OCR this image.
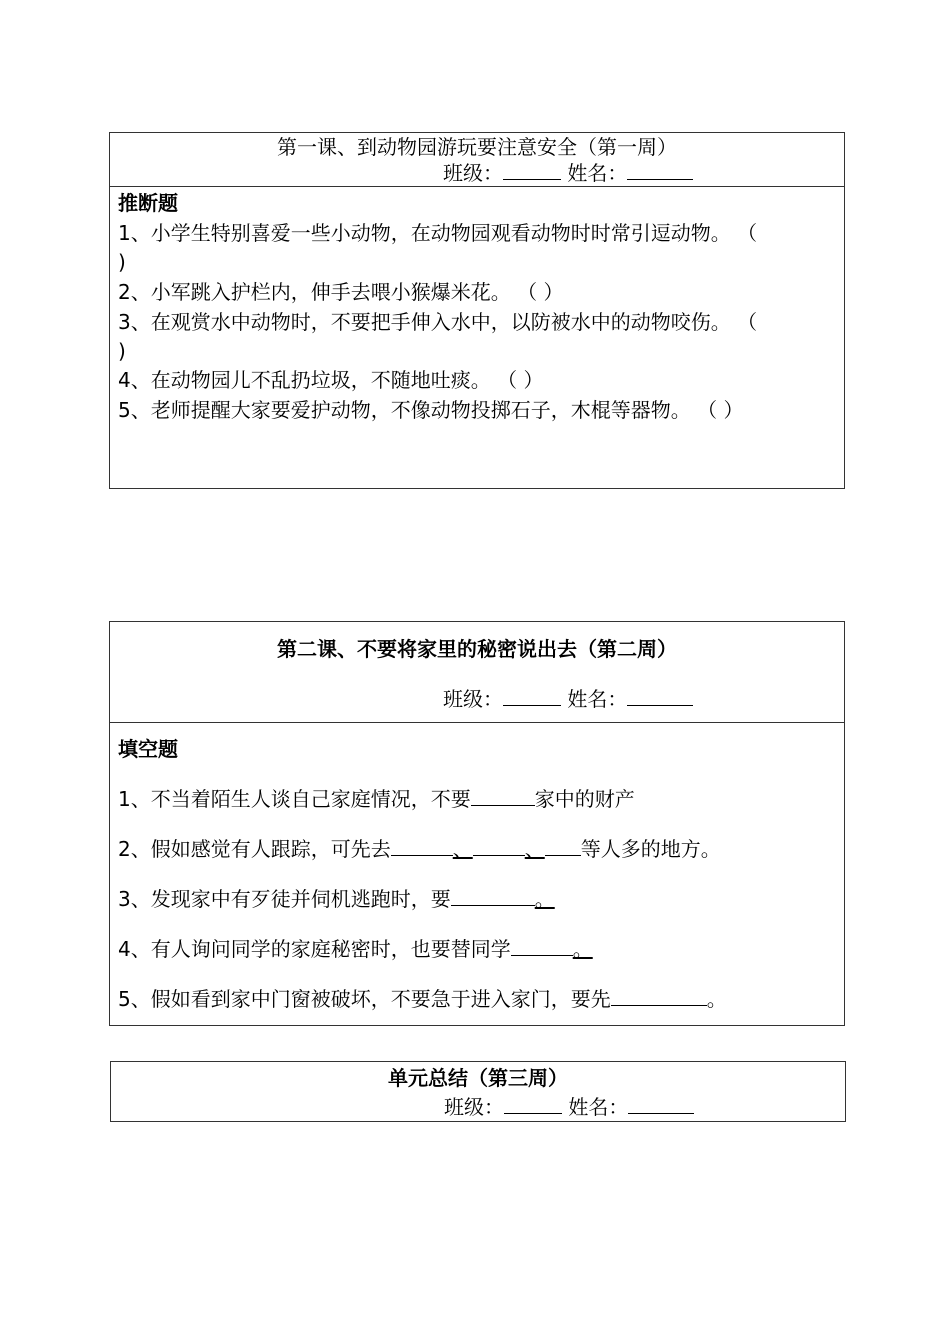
第一课、到动物园游玩要注意安全（第一周）
班级：	姓名：
推断题
1、小学生特别喜爱一些小动物，在动物园观看动物时时常引逗动物。 （
)
2、小军跳入护栏内，伸手去喂小猴爆米花。 （ ）
3、在观赏水中动物时，不要把手伸入水中，以防被水中的动物咬伤。 （
)
4、在动物园儿不乱扔垃圾，不随地吐痰。 （ ）
5、老师提醒大家要爱护动物，不像动物投掷石子，木棍等器物。 （ ）
第二课、不要将家里的秘密说出去（第二周）
班级：	姓名：
填空题
1、不当着陌生人谈自己家庭情况，不要	家中的财产
2、假如感觉有人跟踪，可先去	、	、 等人多的地方。
3、发现家中有歹徒并伺机逃跑时，要	。
4、有人询问同学的家庭秘密时，也要替同学	。
5、假如看到家中门窗被破坏，不要急于进入家门，要先	。
单元总结（第三周）
班级：	姓名：
